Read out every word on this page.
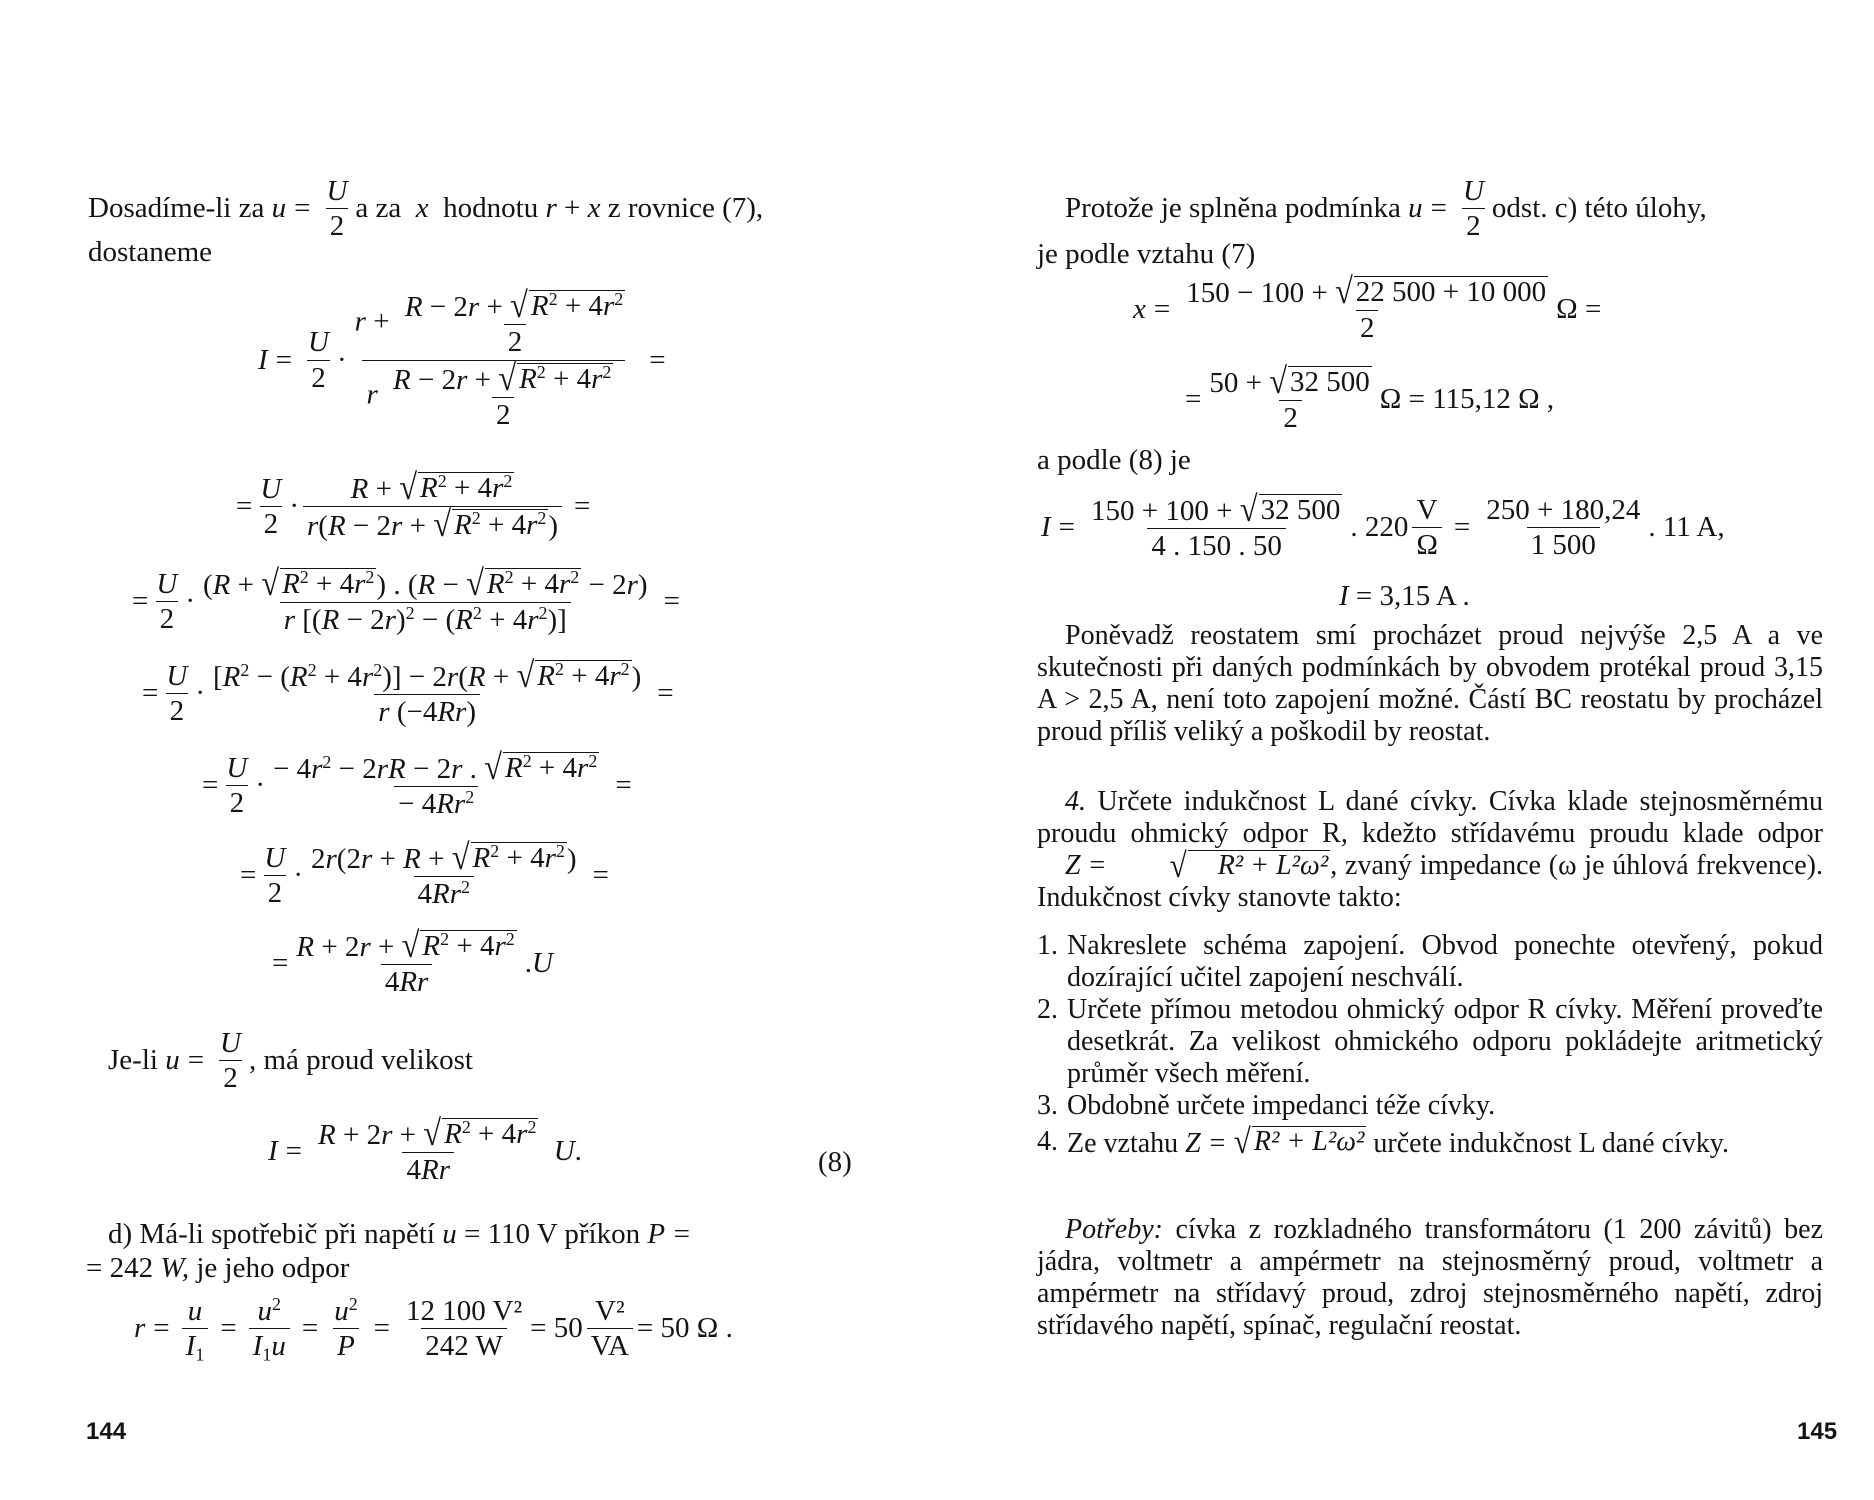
Dosadíme-li za
$u = \frac{U}{2}$ a za
x
hodnotu
r + x
z rovnice (7),
dostaneme
$I = \frac{U}{2} \cdot \frac{r + \frac{R - 2r + √ R^2 + 4r^2}{2}}{r \frac{R - 2r + √ R^2 + 4r^2}{2}}$ =
= $\frac{U}{2} \cdot \frac{R + √ R^2 + 4r^2}{r(R - 2r + √ R^2 + 4r^2 )}$ =
= $\frac{U}{2} \cdot \frac{(R + √ R^2 + 4r^2 ) . (R - √ R^2 + 4r^2 - 2r)}{r [(R - 2r)^2 - (R^2 + 4r^2)]}$ =
= $\frac{U}{2} \cdot \frac{[R^2 - (R^2 + 4r^2)] - 2r(R + √ R^2 + 4r^2 )}{r (-4Rr)}$ =
= $\frac{U}{2} \cdot \frac{- 4r^2 - 2rR - 2r . √ R^2 + 4r^2}{- 4Rr^2}$ =
= $\frac{U}{2} \cdot \frac{2r(2r + R + √ R^2 + 4r^2 )}{4Rr^2}$ =
= $\frac{R + 2r + √ R^2 + 4r^2}{4Rr}$ . U
Je-li
$u = \frac{U}{2}$ , má proud velikost
$I = \frac{R + 2r + √ R^2 + 4r^2}{4Rr}$
U .	(8)
d) Má-li spotřebič při napětí u = 110 V příkon P =
= 242 W, je jeho odpor
$r = \frac{u}{I_1} = \frac{u^2}{I_1u} = \frac{u^2}{P} = \frac{\text{12 100 V²}}{242 W} = 50 \frac{\text{V²}}{VA} = 50$ Ω .
144
Protože je splněna podmínka
$u = \frac{U}{2}$ odst. c) této úlohy,
je podle vztahu (7)
$x = \frac{150 - 100 + √ 22 500 + 10 000}{2}$ Ω =
= $\frac{50 + √ 32 500}{2}$ Ω = 115,12 Ω ,
a podle (8) je
$I = \frac{150 + 100 + √ 32 500}{4 . 150 . 50}$ . $220 \frac{V}{\Omega} = \frac{250 + 180,24}{1 500}$ . 11 A,
I = 3,15 A .
Poněvadž reostatem smí procházet proud nejvýše 2,5 A a ve skutečnosti při daných podmínkách by obvodem protékal proud 3,15 A > 2,5 A, není toto zapojení možné. Částí BC reostatu by procházel proud příliš veliký a poškodil by reostat.
4. Určete indukčnost L dané cívky. Cívka klade stejnosměrnému proudu ohmický odpor R, kdežto střídavému proudu klade odpor
Z =
	√	R² + L²ω² , zvaný impedance (ω je úhlová frekvence). Indukčnost cívky stanovte takto:
1. Nakreslete schéma zapojení. Obvod ponechte otevřený, pokud dozírající učitel zapojení neschválí.
2. Určete přímou metodou ohmický odpor R cívky. Měření proveďte desetkrát. Za velikost ohmického odporu pokládejte aritmetický průměr všech měření.
3. Obdobně určete impedanci téže cívky.
4. Ze vztahu Z = √ R² + L²ω² určete indukčnost L dané cívky.
Potřeby: cívka z rozkladného transformátoru (1 200 závitů) bez jádra, voltmetr a ampérmetr na stejnosměrný proud, voltmetr a ampérmetr na střídavý proud, zdroj stejnosměrného napětí, zdroj střídavého napětí, spínač, regulační reostat.
145
